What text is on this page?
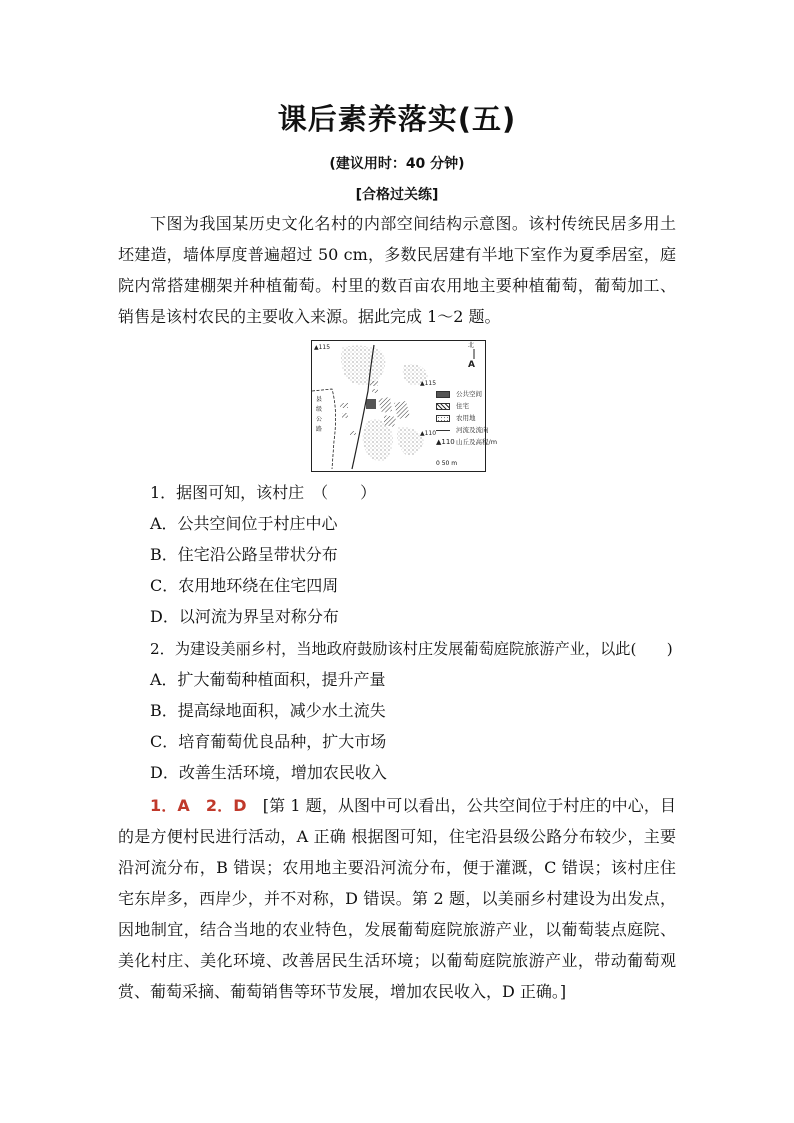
课后素养落实(五)
(建议用时：40 分钟)
[合格过关练]
下图为我国某历史文化名村的内部空间结构示意图。该村传统民居多用土坯建造，墙体厚度普遍超过 50 cm，多数民居建有半地下室作为夏季居室，庭院内常搭建棚架并种植葡萄。村里的数百亩农用地主要种植葡萄，葡萄加工、销售是该村农民的主要收入来源。据此完成 1～2 题。
北
A
▲115
▲115
▲110
县
级
公
路
公共空间
住宅
农用地
河流及流向
▲110 山丘及高程/m
0 50 m
1．据图可知，该村庄　（　　）
A．公共空间位于村庄中心
B．住宅沿公路呈带状分布
C．农用地环绕在住宅四周
D．以河流为界呈对称分布
2．为建设美丽乡村，当地政府鼓励该村庄发展葡萄庭院旅游产业，以此(　　)
A．扩大葡萄种植面积，提升产量
B．提高绿地面积，减少水土流失
C．培育葡萄优良品种，扩大市场
D．改善生活环境，增加农民收入
1．A　2．D　 [第 1 题，从图中可以看出，公共空间位于村庄的中心，目的是方便村民进行活动，A 正确 根据图可知，住宅沿县级公路分布较少，主要沿河流分布，B 错误；农用地主要沿河流分布，便于灌溉，C 错误；该村庄住宅东岸多，西岸少，并不对称，D 错误。第 2 题，以美丽乡村建设为出发点，因地制宜，结合当地的农业特色，发展葡萄庭院旅游产业，以葡萄装点庭院、美化村庄、美化环境、改善居民生活环境；以葡萄庭院旅游产业，带动葡萄观赏、葡萄采摘、葡萄销售等环节发展，增加农民收入，D 正确。]
